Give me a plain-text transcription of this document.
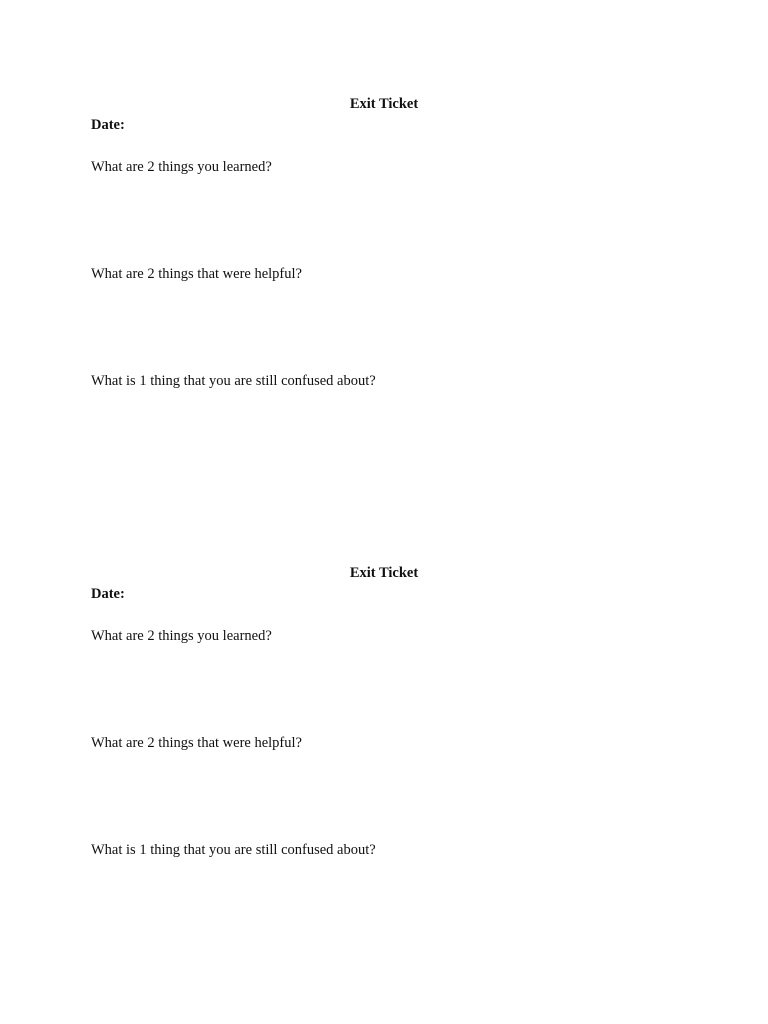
Exit Ticket
Date:
What are 2 things you learned?
What are 2 things that were helpful?
What is 1 thing that you are still confused about?
Exit Ticket
Date:
What are 2 things you learned?
What are 2 things that were helpful?
What is 1 thing that you are still confused about?
